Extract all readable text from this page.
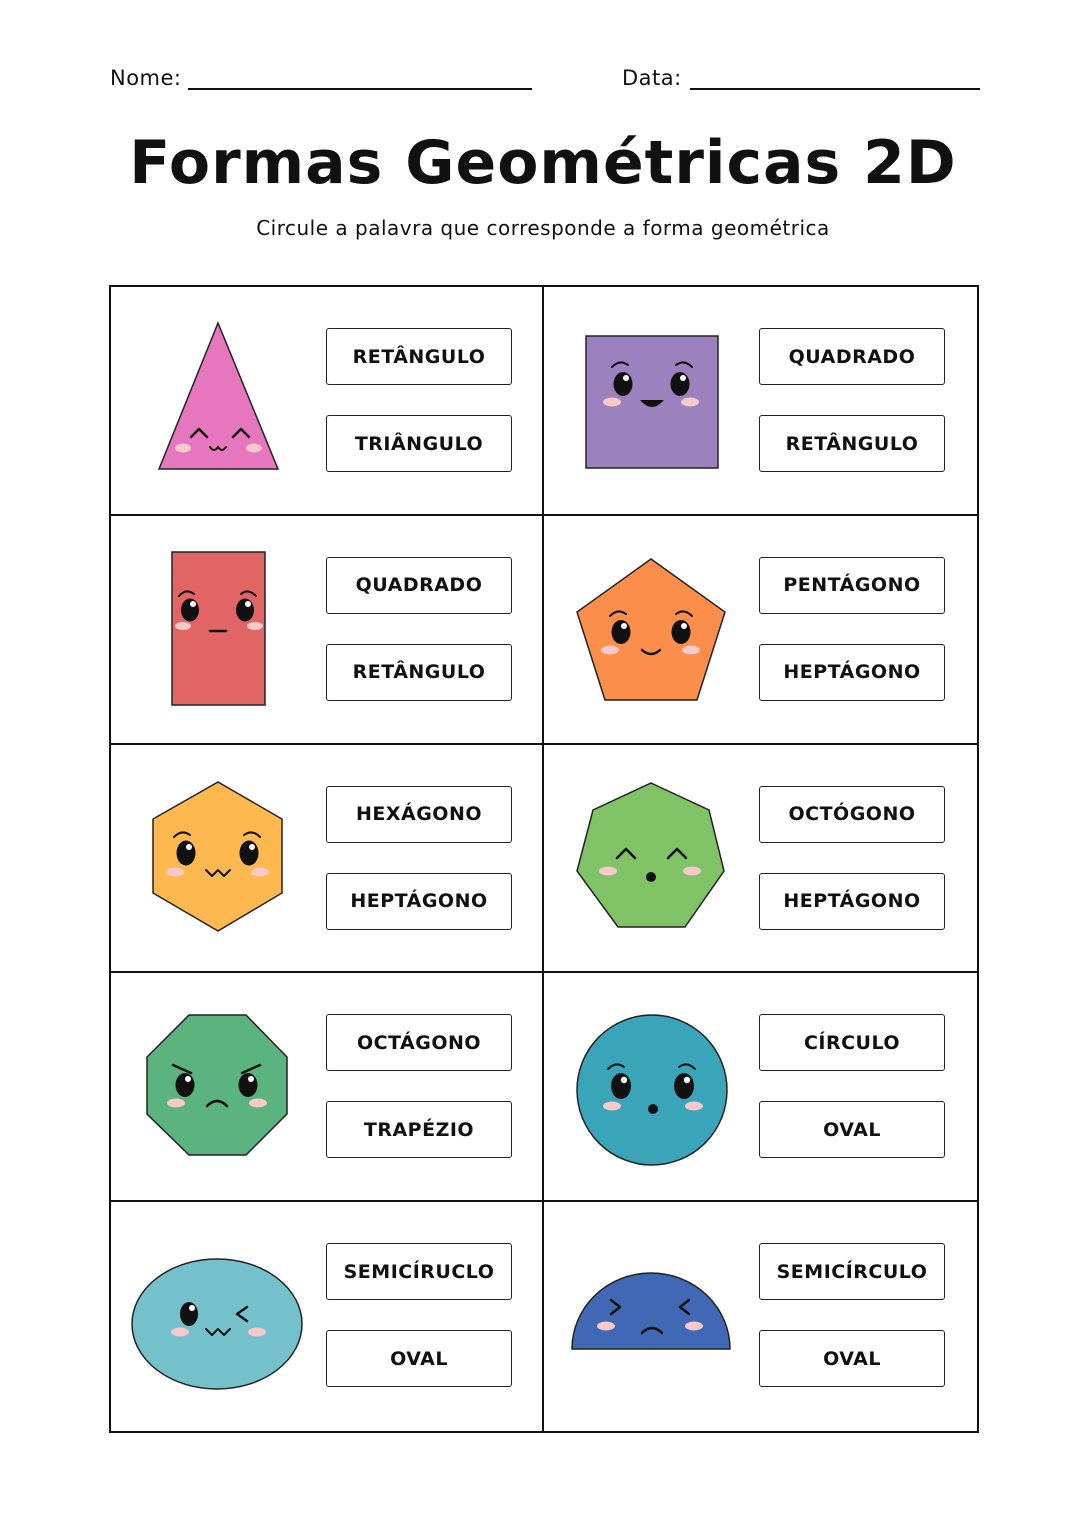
Nome:	Data:
Formas Geométricas 2D
Circule a palavra que corresponde a forma geométrica
RETÂNGULO
TRIÂNGULO
QUADRADO
RETÂNGULO
QUADRADO
RETÂNGULO
PENTÁGONO
HEPTÁGONO
HEXÁGONO
HEPTÁGONO
OCTÓGONO
HEPTÁGONO
OCTÁGONO
TRAPÉZIO
CÍRCULO
OVAL
SEMICÍRUCLO
OVAL
SEMICÍRCULO
OVAL
